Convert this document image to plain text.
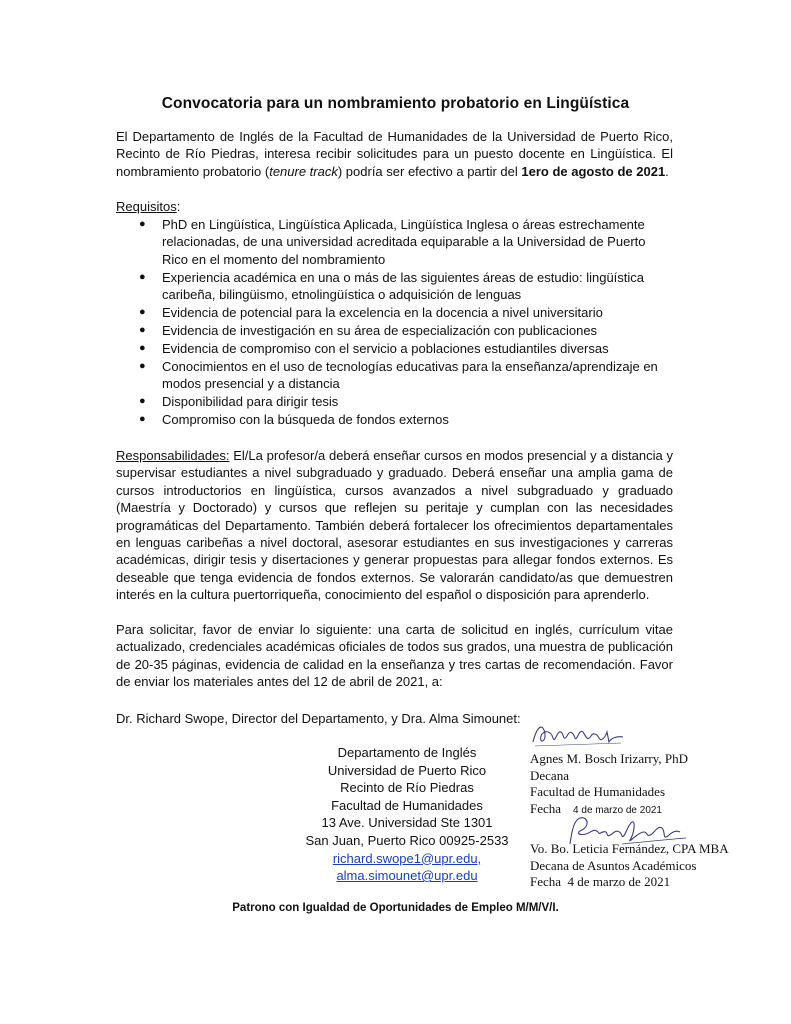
Convocatoria para un nombramiento probatorio en Lingüística
El Departamento de Inglés de la Facultad de Humanidades de la Universidad de Puerto Rico, Recinto de Río Piedras, interesa recibir solicitudes para un puesto docente en Lingüística. El nombramiento probatorio (tenure track) podría ser efectivo a partir del 1ero de agosto de 2021.
Requisitos:
● PhD en Lingüística, Lingüística Aplicada, Lingüística Inglesa o áreas estrechamente relacionadas, de una universidad acreditada equiparable a la Universidad de Puerto Rico en el momento del nombramiento
● Experiencia académica en una o más de las siguientes áreas de estudio: lingüística caribeña, bilingüismo, etnolingüística o adquisición de lenguas
● Evidencia de potencial para la excelencia en la docencia a nivel universitario
● Evidencia de investigación en su área de especialización con publicaciones
● Evidencia de compromiso con el servicio a poblaciones estudiantiles diversas
● Conocimientos en el uso de tecnologías educativas para la enseñanza/aprendizaje en modos presencial y a distancia
● Disponibilidad para dirigir tesis
● Compromiso con la búsqueda de fondos externos
Responsabilidades: El/La profesor/a deberá enseñar cursos en modos presencial y a distancia y supervisar estudiantes a nivel subgraduado y graduado. Deberá enseñar una amplia gama de cursos introductorios en lingüística, cursos avanzados a nivel subgraduado y graduado (Maestría y Doctorado) y cursos que reflejen su peritaje y cumplan con las necesidades programáticas del Departamento. También deberá fortalecer los ofrecimientos departamentales en lenguas caribeñas a nivel doctoral, asesorar estudiantes en sus investigaciones y carreras académicas, dirigir tesis y disertaciones y generar propuestas para allegar fondos externos. Es deseable que tenga evidencia de fondos externos. Se valorarán candidato/as que demuestren interés en la cultura puertorriqueña, conocimiento del español o disposición para aprenderlo.
Para solicitar, favor de enviar lo siguiente: una carta de solicitud en inglés, currículum vitae actualizado, credenciales académicas oficiales de todos sus grados, una muestra de publicación de 20-35 páginas, evidencia de calidad en la enseñanza y tres cartas de recomendación. Favor de enviar los materiales antes del 12 de abril de 2021, a:
Dr. Richard Swope, Director del Departamento, y Dra. Alma Simounet:
Agnes M. Bosch Irizarry, PhD
Decana
Facultad de Humanidades
Fecha 4 de marzo de 2021
Vo. Bo. Leticia Fernández, CPA MBA
Decana de Asuntos Académicos
Fecha 4 de marzo de 2021
Departamento de Inglés
Universidad de Puerto Rico
Recinto de Río Piedras
Facultad de Humanidades
13 Ave. Universidad Ste 1301
San Juan, Puerto Rico 00925-2533
richard.swope1@upr.edu,
alma.simounet@upr.edu
Patrono con Igualdad de Oportunidades de Empleo M/M/V/I.
